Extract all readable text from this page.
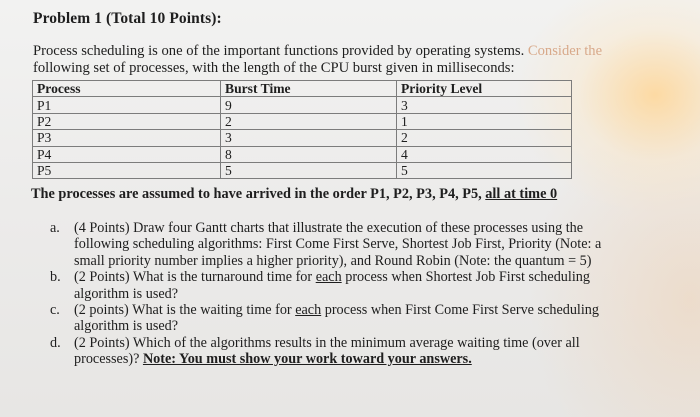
Problem 1 (Total 10 Points):
Process scheduling is one of the important functions provided by operating systems. Consider the
following set of processes, with the length of the CPU burst given in milliseconds:
Process	Burst Time	Priority Level
P1	9	3
P2	2	1
P3	3	2
P4	8	4
P5	5	5
The processes are assumed to have arrived in the order P1, P2, P3, P4, P5, all at time 0
a. (4 Points) Draw four Gantt charts that illustrate the execution of these processes using the following scheduling algorithms: First Come First Serve, Shortest Job First, Priority (Note: a small priority number implies a higher priority), and Round Robin (Note: the quantum = 5)
b. (2 Points) What is the turnaround time for each process when Shortest Job First scheduling algorithm is used?
c. (2 points) What is the waiting time for each process when First Come First Serve scheduling algorithm is used?
d. (2 Points) Which of the algorithms results in the minimum average waiting time (over all processes)? Note: You must show your work toward your answers.
